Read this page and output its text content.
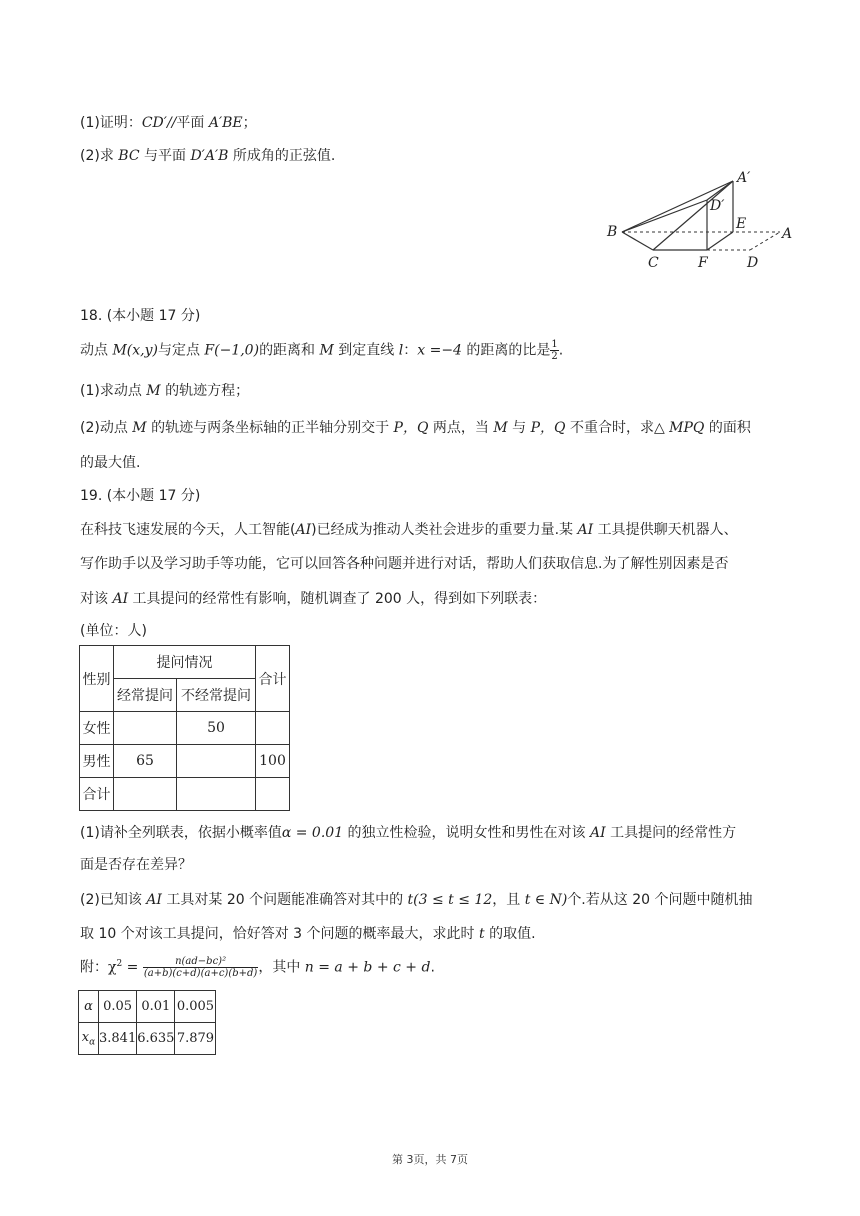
(1)证明：CD′//平面 A′BE；
(2)求 BC 与平面 D′A′B 所成角的正弦值.
A′
D′
E
B	A
C	F	D
18. (本小题 17 分)
动点 M(x,y)与定点 F(−1,0)的距离和 M 到定直线 l：x =−4 的距离的比是 $\frac{1}{2}$ .
(1)求动点 M 的轨迹方程；
(2)动点 M 的轨迹与两条坐标轴的正半轴分别交于 P，Q 两点，当 M 与 P，Q 不重合时，求△ MPQ 的面积
的最大值.
19. (本小题 17 分)
在科技飞速发展的今天，人工智能(AI)已经成为推动人类社会进步的重要力量.某 AI 工具提供聊天机器人、
写作助手以及学习助手等功能，它可以回答各种问题并进行对话，帮助人们获取信息.为了解性别因素是否
对该 AI 工具提问的经常性有影响，随机调查了 200 人，得到如下列联表：
(单位：人)
性别	提问情况		合计
	经常提问	不经常提问	
女性		50	
男性	65		100
合计			
(1)请补全列联表，依据小概率值α = 0.01 的独立性检验，说明女性和男性在对该 AI 工具提问的经常性方
面是否存在差异？
(2)已知该 AI 工具对某 20 个问题能准确答对其中的 t(3 ≤ t ≤ 12，且 t ∈ N)个.若从这 20 个问题中随机抽
取 10 个对该工具提问，恰好答对 3 个问题的概率最大，求此时 t 的取值.
附：$\chi^2 = \frac{\text{n(ad−bc)²}}{(a+b)(c+d)(a+c)(b+d)}$ ，其中 n = a + b + c + d.
α	0.05	0.01	0.005
$x_\alpha$	3.841	6.635	7.879
第 3页，共 7页
